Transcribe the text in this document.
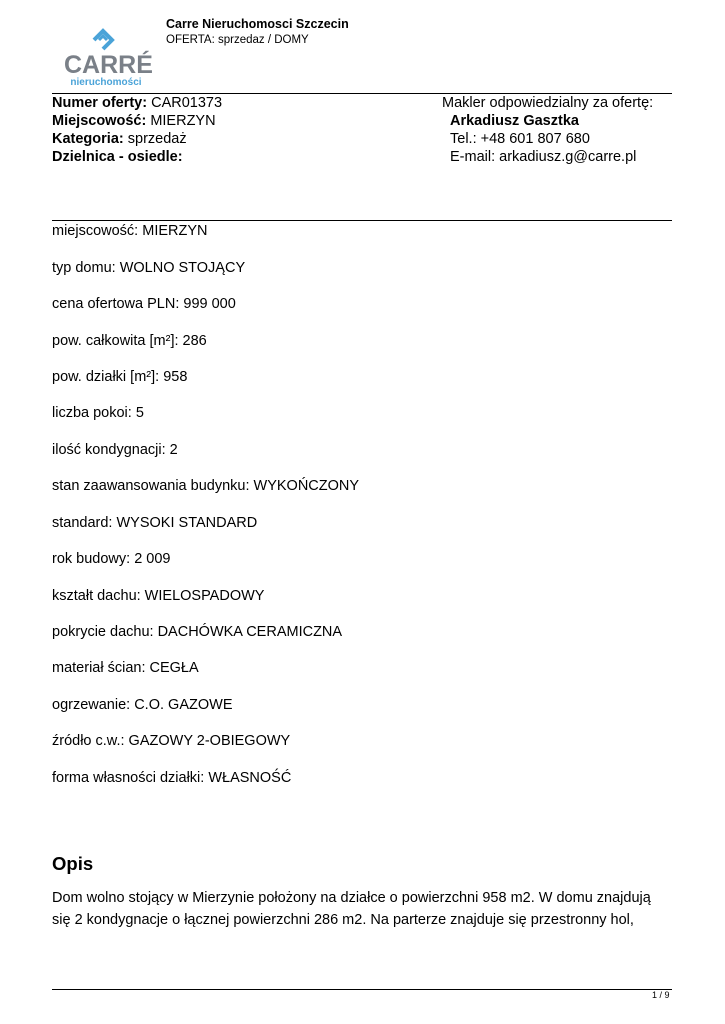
CARRÉ
nieruchomości
Carre Nieruchomosci Szczecin
OFERTA: sprzedaz / DOMY
Numer oferty: CAR01373
Miejscowość: MIERZYN
Kategoria: sprzedaż
Dzielnica - osiedle:
Makler odpowiedzialny za ofertę:
Arkadiusz Gasztka
Tel.: +48 601 807 680
E-mail: arkadiusz.g@carre.pl
miejscowość: MIERZYN
typ domu: WOLNO STOJĄCY
cena ofertowa PLN: 999 000
pow. całkowita [m²]: 286
pow. działki [m²]: 958
liczba pokoi: 5
ilość kondygnacji: 2
stan zaawansowania budynku: WYKOŃCZONY
standard: WYSOKI STANDARD
rok budowy: 2 009
kształt dachu: WIELOSPADOWY
pokrycie dachu: DACHÓWKA CERAMICZNA
materiał ścian: CEGŁA
ogrzewanie: C.O. GAZOWE
źródło c.w.: GAZOWY 2-OBIEGOWY
forma własności działki: WŁASNOŚĆ
Opis
Dom wolno stojący w Mierzynie położony na działce o powierzchni 958 m2. W domu znajdują się 2 kondygnacje o łącznej powierzchni 286 m2. Na parterze znajduje się przestronny hol,
1 / 9
